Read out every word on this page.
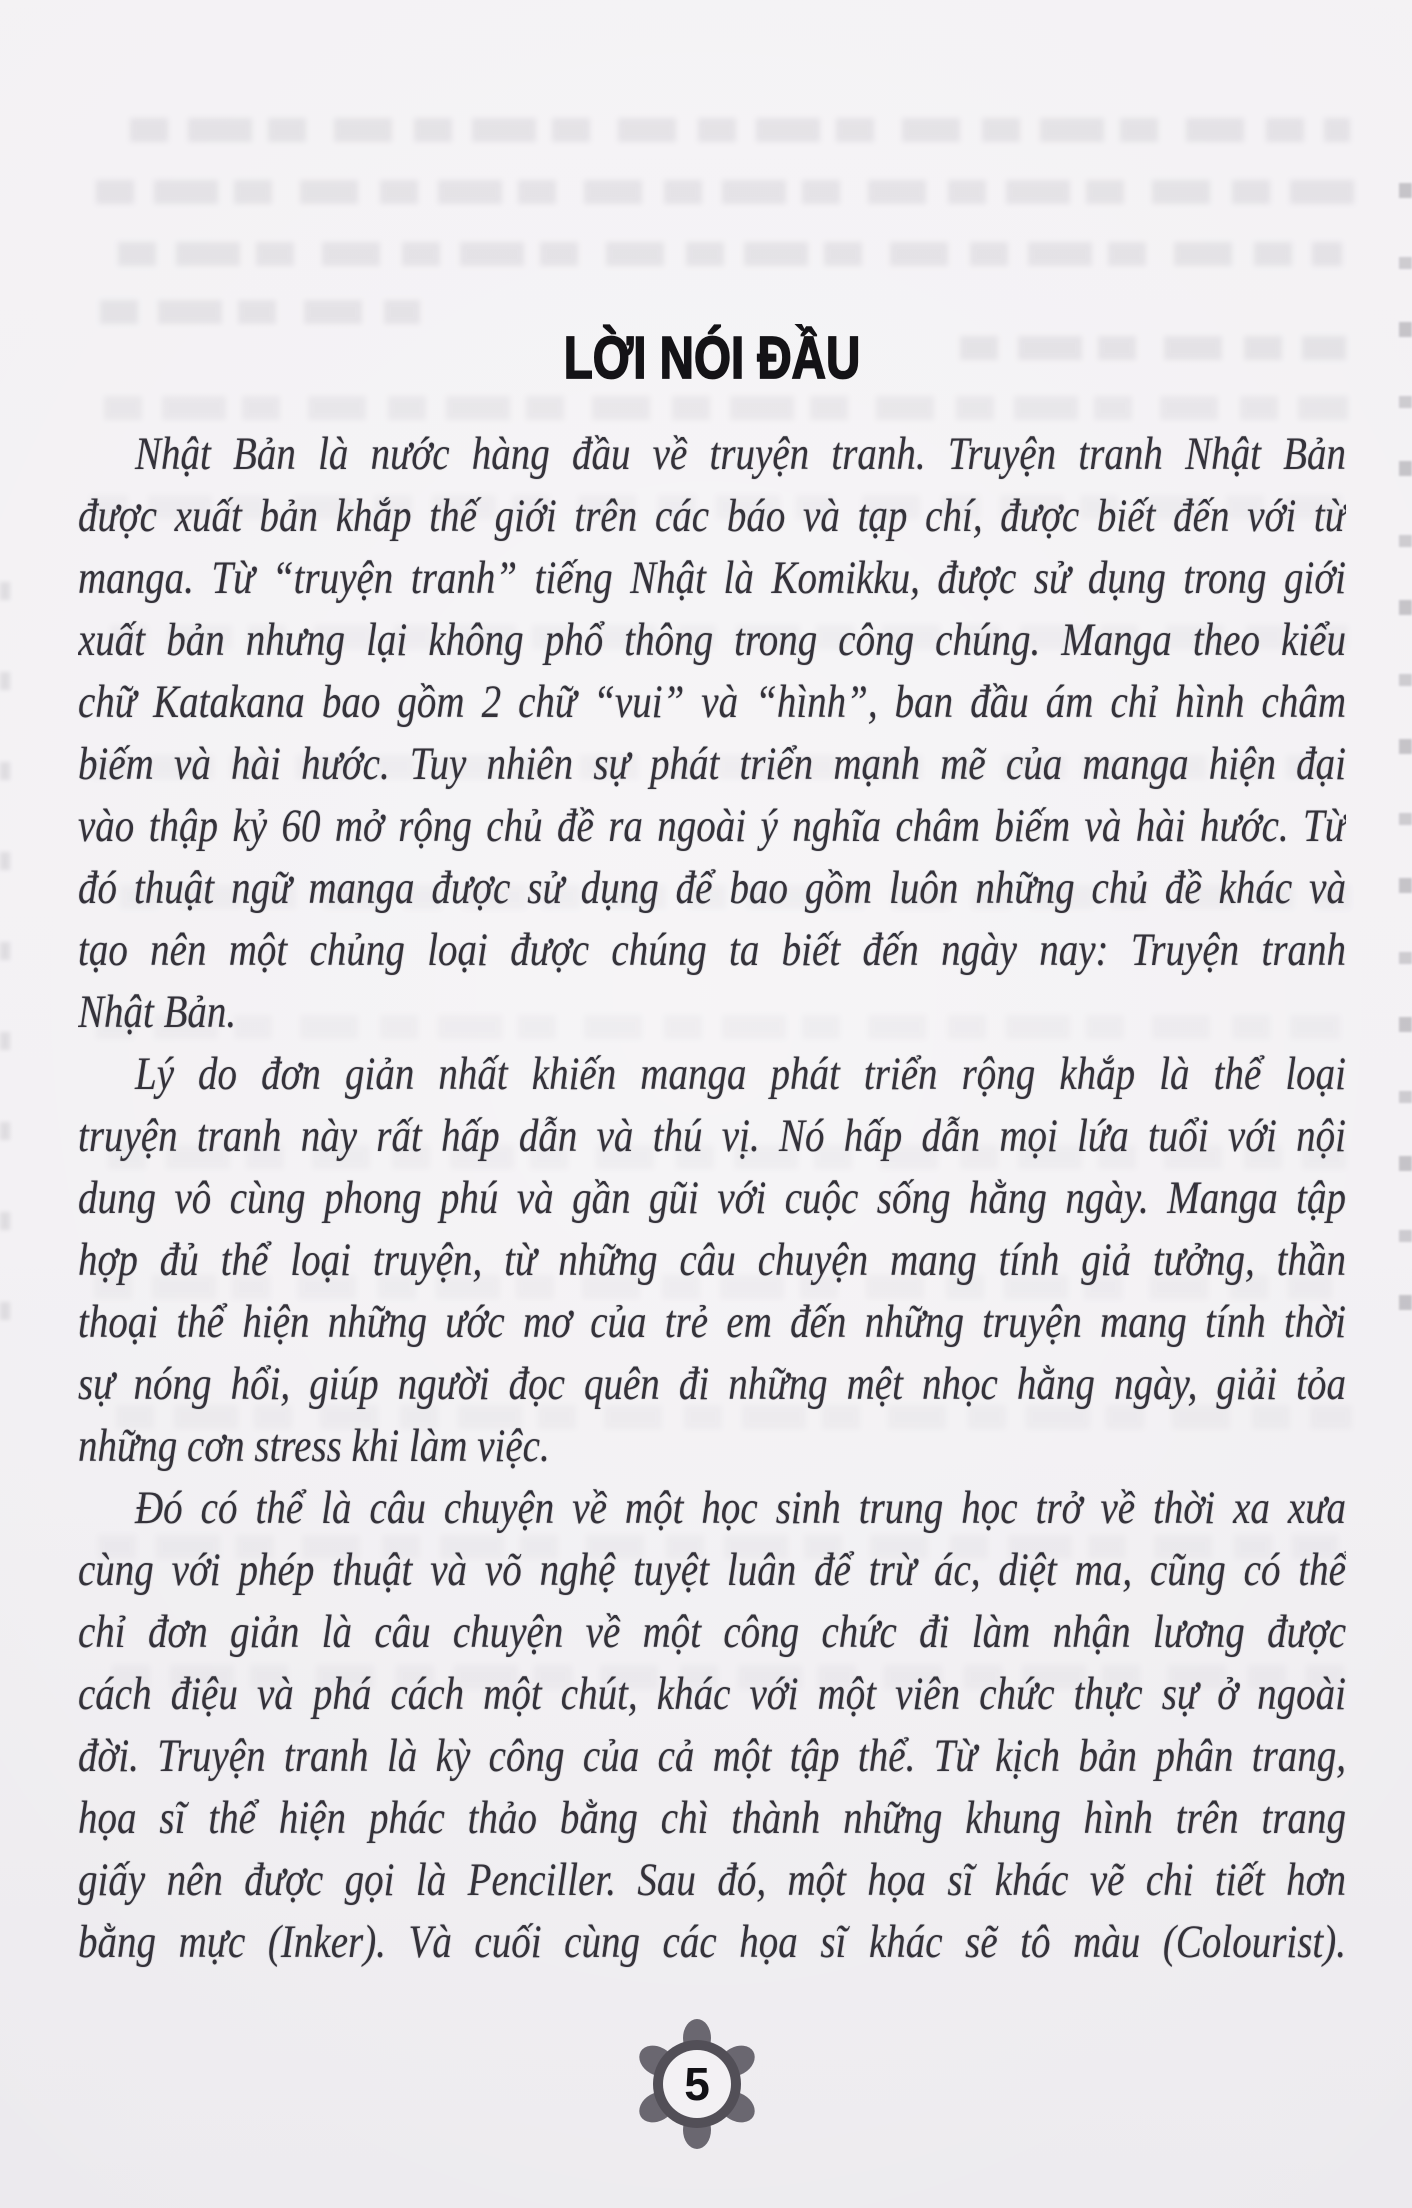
LỜI NÓI ĐẦU
Nhật Bản là nước hàng đầu về truyện tranh. Truyện tranh Nhật Bản
được xuất bản khắp thế giới trên các báo và tạp chí, được biết đến với từ
manga. Từ “truyện tranh” tiếng Nhật là Komikku, được sử dụng trong giới
xuất bản nhưng lại không phổ thông trong công chúng. Manga theo kiểu
chữ Katakana bao gồm 2 chữ “vui” và “hình”, ban đầu ám chỉ hình châm
biếm và hài hước. Tuy nhiên sự phát triển mạnh mẽ của manga hiện đại
vào thập kỷ 60 mở rộng chủ đề ra ngoài ý nghĩa châm biếm và hài hước. Từ
đó thuật ngữ manga được sử dụng để bao gồm luôn những chủ đề khác và
tạo nên một chủng loại được chúng ta biết đến ngày nay: Truyện tranh
Nhật Bản.
Lý do đơn giản nhất khiến manga phát triển rộng khắp là thể loại
truyện tranh này rất hấp dẫn và thú vị. Nó hấp dẫn mọi lứa tuổi với nội
dung vô cùng phong phú và gần gũi với cuộc sống hằng ngày. Manga tập
hợp đủ thể loại truyện, từ những câu chuyện mang tính giả tưởng, thần
thoại thể hiện những ước mơ của trẻ em đến những truyện mang tính thời
sự nóng hổi, giúp người đọc quên đi những mệt nhọc hằng ngày, giải tỏa
những cơn stress khi làm việc.
Đó có thể là câu chuyện về một học sinh trung học trở về thời xa xưa
cùng với phép thuật và võ nghệ tuyệt luân để trừ ác, diệt ma, cũng có thể
chỉ đơn giản là câu chuyện về một công chức đi làm nhận lương được
cách điệu và phá cách một chút, khác với một viên chức thực sự ở ngoài
đời. Truyện tranh là kỳ công của cả một tập thể. Từ kịch bản phân trang,
họa sĩ thể hiện phác thảo bằng chì thành những khung hình trên trang
giấy nên được gọi là Penciller. Sau đó, một họa sĩ khác vẽ chi tiết hơn
bằng mực (Inker). Và cuối cùng các họa sĩ khác sẽ tô màu (Colourist).
5
